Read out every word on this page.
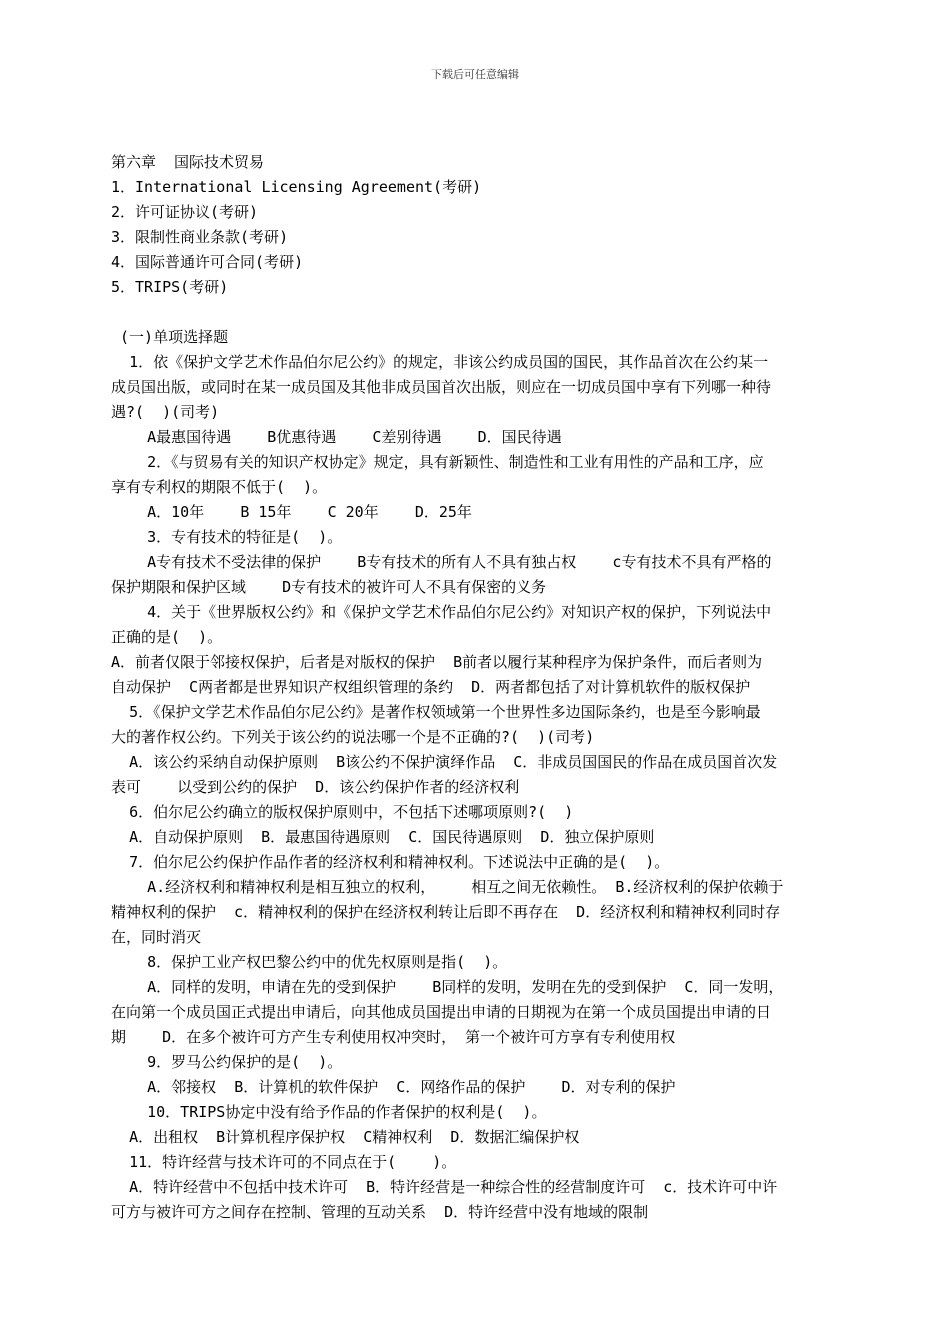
下载后可任意编辑
第六章  国际技术贸易
1．International Licensing Agreement(考研)
2．许可证协议(考研)
3．限制性商业条款(考研)
4．国际普通许可合同(考研)
5．TRIPS(考研)
(一)单项选择题
1．依《保护文学艺术作品伯尔尼公约》的规定，非该公约成员国的国民，其作品首次在公约某一
成员国出版，或同时在某一成员国及其他非成员国首次出版，则应在一切成员国中享有下列哪一种待
遇?(  )(司考)
A最惠国待遇    B优惠待遇    C差别待遇    D．国民待遇
2．《与贸易有关的知识产权协定》规定，具有新颖性、制造性和工业有用性的产品和工序，应
享有专利权的期限不低于(  )。
A．10年    B 15年    C 20年    D．25年
3．专有技术的特征是(  )。
A专有技术不受法律的保护    B专有技术的所有人不具有独占权    c专有技术不具有严格的
保护期限和保护区域    D专有技术的被许可人不具有保密的义务
4．关于《世界版权公约》和《保护文学艺术作品伯尔尼公约》对知识产权的保护，下列说法中
正确的是(  )。
A．前者仅限于邻接权保护，后者是对版权的保护  B前者以履行某种程序为保护条件，而后者则为
自动保护  C两者都是世界知识产权组织管理的条约  D．两者都包括了对计算机软件的版权保护
5．《保护文学艺术作品伯尔尼公约》是著作权领域第一个世界性多边国际条约，也是至今影响最
大的著作权公约。下列关于该公约的说法哪一个是不正确的?(  )(司考)
A．该公约采纳自动保护原则  B该公约不保护演绎作品  C．非成员国国民的作品在成员国首次发
表可    以受到公约的保护  D．该公约保护作者的经济权利
6．伯尔尼公约确立的版权保护原则中，不包括下述哪项原则?(  )
A．自动保护原则  B．最惠国待遇原则  C．国民待遇原则  D．独立保护原则
7．伯尔尼公约保护作品作者的经济权利和精神权利。下述说法中正确的是(  )。
A.经济权利和精神权利是相互独立的权利，    相互之间无依赖性。 B.经济权利的保护依赖于
精神权利的保护  c．精神权利的保护在经济权利转让后即不再存在  D．经济权利和精神权利同时存
在，同时消灭
8．保护工业产权巴黎公约中的优先权原则是指(  )。
A．同样的发明，申请在先的受到保护    B同样的发明，发明在先的受到保护  C．同一发明，
在向第一个成员国正式提出申请后，向其他成员国提出申请的日期视为在第一个成员国提出申请的日
期    D．在多个被许可方产生专利使用权冲突时， 第一个被许可方享有专利使用权
9．罗马公约保护的是(  )。
A．邻接权  B．计算机的软件保护  C．网络作品的保护    D．对专利的保护
10．TRIPS协定中没有给予作品的作者保护的权利是(  )。
A．出租权  B计算机程序保护权  C精神权利  D．数据汇编保护权
11．特许经营与技术许可的不同点在于(    )。
A．特许经营中不包括中技术许可  B．特许经营是一种综合性的经营制度许可  c．技术许可中许
可方与被许可方之间存在控制、管理的互动关系  D．特许经营中没有地域的限制
